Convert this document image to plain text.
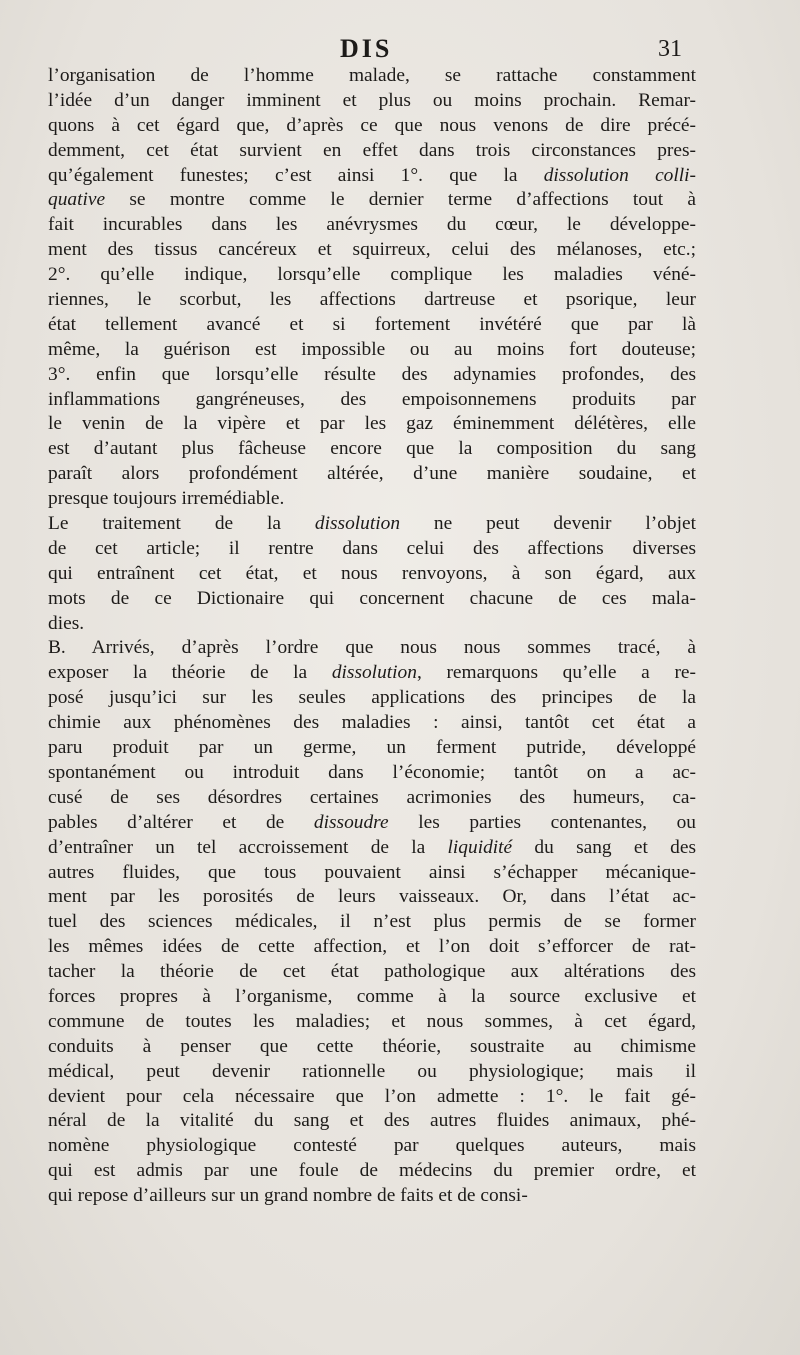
DIS	31
l’organisation de l’homme malade, se rattache constamment
l’idée d’un danger imminent et plus ou moins prochain. Remar-
quons à cet égard que, d’après ce que nous venons de dire précé-
demment, cet état survient en effet dans trois circonstances pres-
qu’également funestes; c’est ainsi 1°. que la dissolution colli-
quative se montre comme le dernier terme d’affections tout à
fait incurables dans les anévrysmes du cœur, le développe-
ment des tissus cancéreux et squirreux, celui des mélanoses, etc.;
2°. qu’elle indique, lorsqu’elle complique les maladies véné-
riennes, le scorbut, les affections dartreuse et psorique, leur
état tellement avancé et si fortement invétéré que par là
même, la guérison est impossible ou au moins fort douteuse;
3°. enfin que lorsqu’elle résulte des adynamies profondes, des
inflammations gangréneuses, des empoisonnemens produits par
le venin de la vipère et par les gaz éminemment délétères, elle
est d’autant plus fâcheuse encore que la composition du sang
paraît alors profondément altérée, d’une manière soudaine, et
presque toujours irremédiable.
Le traitement de la dissolution ne peut devenir l’objet
de cet article; il rentre dans celui des affections diverses
qui entraînent cet état, et nous renvoyons, à son égard, aux
mots de ce Dictionaire qui concernent chacune de ces mala-
dies.
B. Arrivés, d’après l’ordre que nous nous sommes tracé, à
exposer la théorie de la dissolution, remarquons qu’elle a re-
posé jusqu’ici sur les seules applications des principes de la
chimie aux phénomènes des maladies : ainsi, tantôt cet état a
paru produit par un germe, un ferment putride, développé
spontanément ou introduit dans l’économie; tantôt on a ac-
cusé de ses désordres certaines acrimonies des humeurs, ca-
pables d’altérer et de dissoudre les parties contenantes, ou
d’entraîner un tel accroissement de la liquidité du sang et des
autres fluides, que tous pouvaient ainsi s’échapper mécanique-
ment par les porosités de leurs vaisseaux. Or, dans l’état ac-
tuel des sciences médicales, il n’est plus permis de se former
les mêmes idées de cette affection, et l’on doit s’efforcer de rat-
tacher la théorie de cet état pathologique aux altérations des
forces propres à l’organisme, comme à la source exclusive et
commune de toutes les maladies; et nous sommes, à cet égard,
conduits à penser que cette théorie, soustraite au chimisme
médical, peut devenir rationnelle ou physiologique; mais il
devient pour cela nécessaire que l’on admette : 1°. le fait gé-
néral de la vitalité du sang et des autres fluides animaux, phé-
nomène physiologique contesté par quelques auteurs, mais
qui est admis par une foule de médecins du premier ordre, et
qui repose d’ailleurs sur un grand nombre de faits et de consi-
